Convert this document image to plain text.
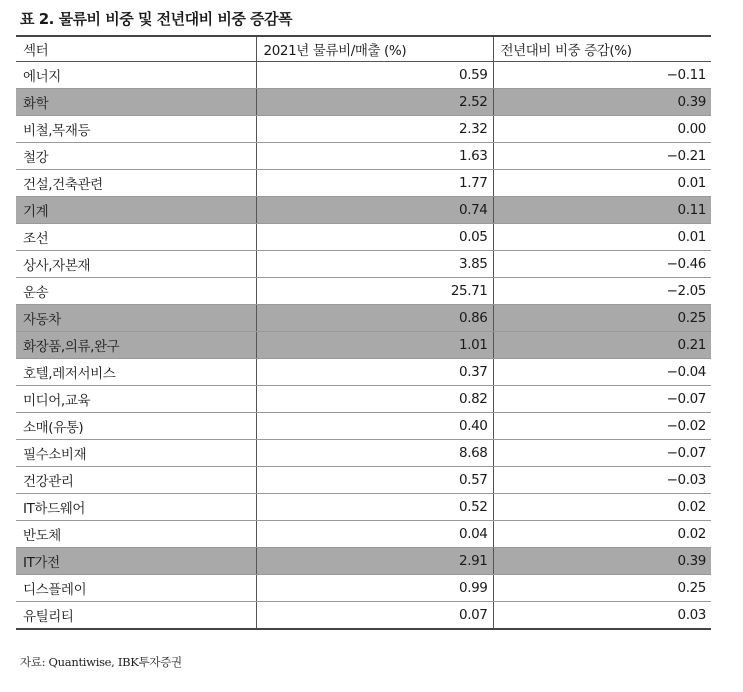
표 2. 물류비 비중 및 전년대비 비중 증감폭
섹터	2021년 물류비/매출 (%)	전년대비 비중 증감(%)
에너지	0.59	−0.11
화학	2.52	0.39
비철,목재등	2.32	0.00
철강	1.63	−0.21
건설,건축관련	1.77	0.01
기계	0.74	0.11
조선	0.05	0.01
상사,자본재	3.85	−0.46
운송	25.71	−2.05
자동차	0.86	0.25
화장품,의류,완구	1.01	0.21
호텔,레저서비스	0.37	−0.04
미디어,교육	0.82	−0.07
소매(유통)	0.40	−0.02
필수소비재	8.68	−0.07
건강관리	0.57	−0.03
IT하드웨어	0.52	0.02
반도체	0.04	0.02
IT가전	2.91	0.39
디스플레이	0.99	0.25
유틸리티	0.07	0.03
자료: Quantiwise, IBK투자증권
